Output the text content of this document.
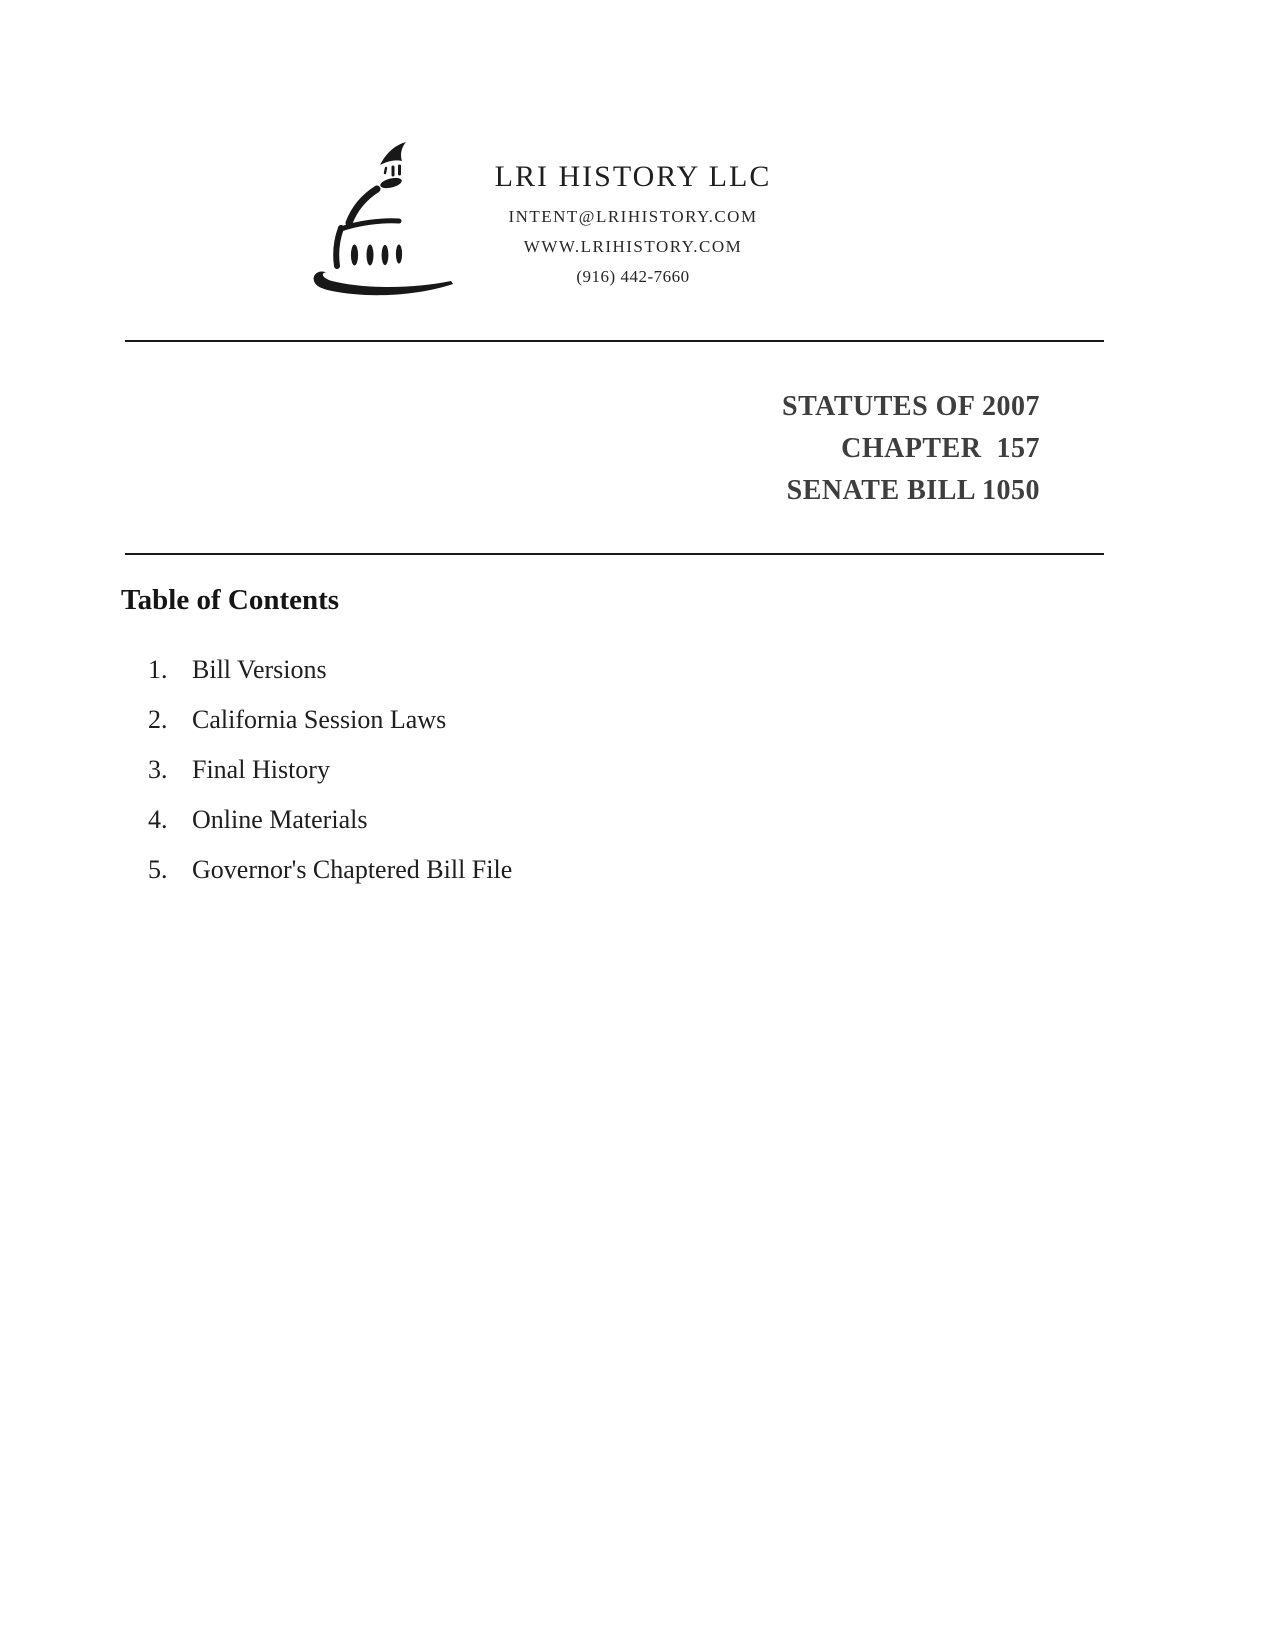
LRI HISTORY LLC
INTENT@LRIHISTORY.COM
WWW.LRIHISTORY.COM
(916) 442-7660
STATUTES OF 2007
CHAPTER  157
SENATE BILL 1050
Table of Contents
1. Bill Versions
2. California Session Laws
3. Final History
4. Online Materials
5. Governor's Chaptered Bill File
